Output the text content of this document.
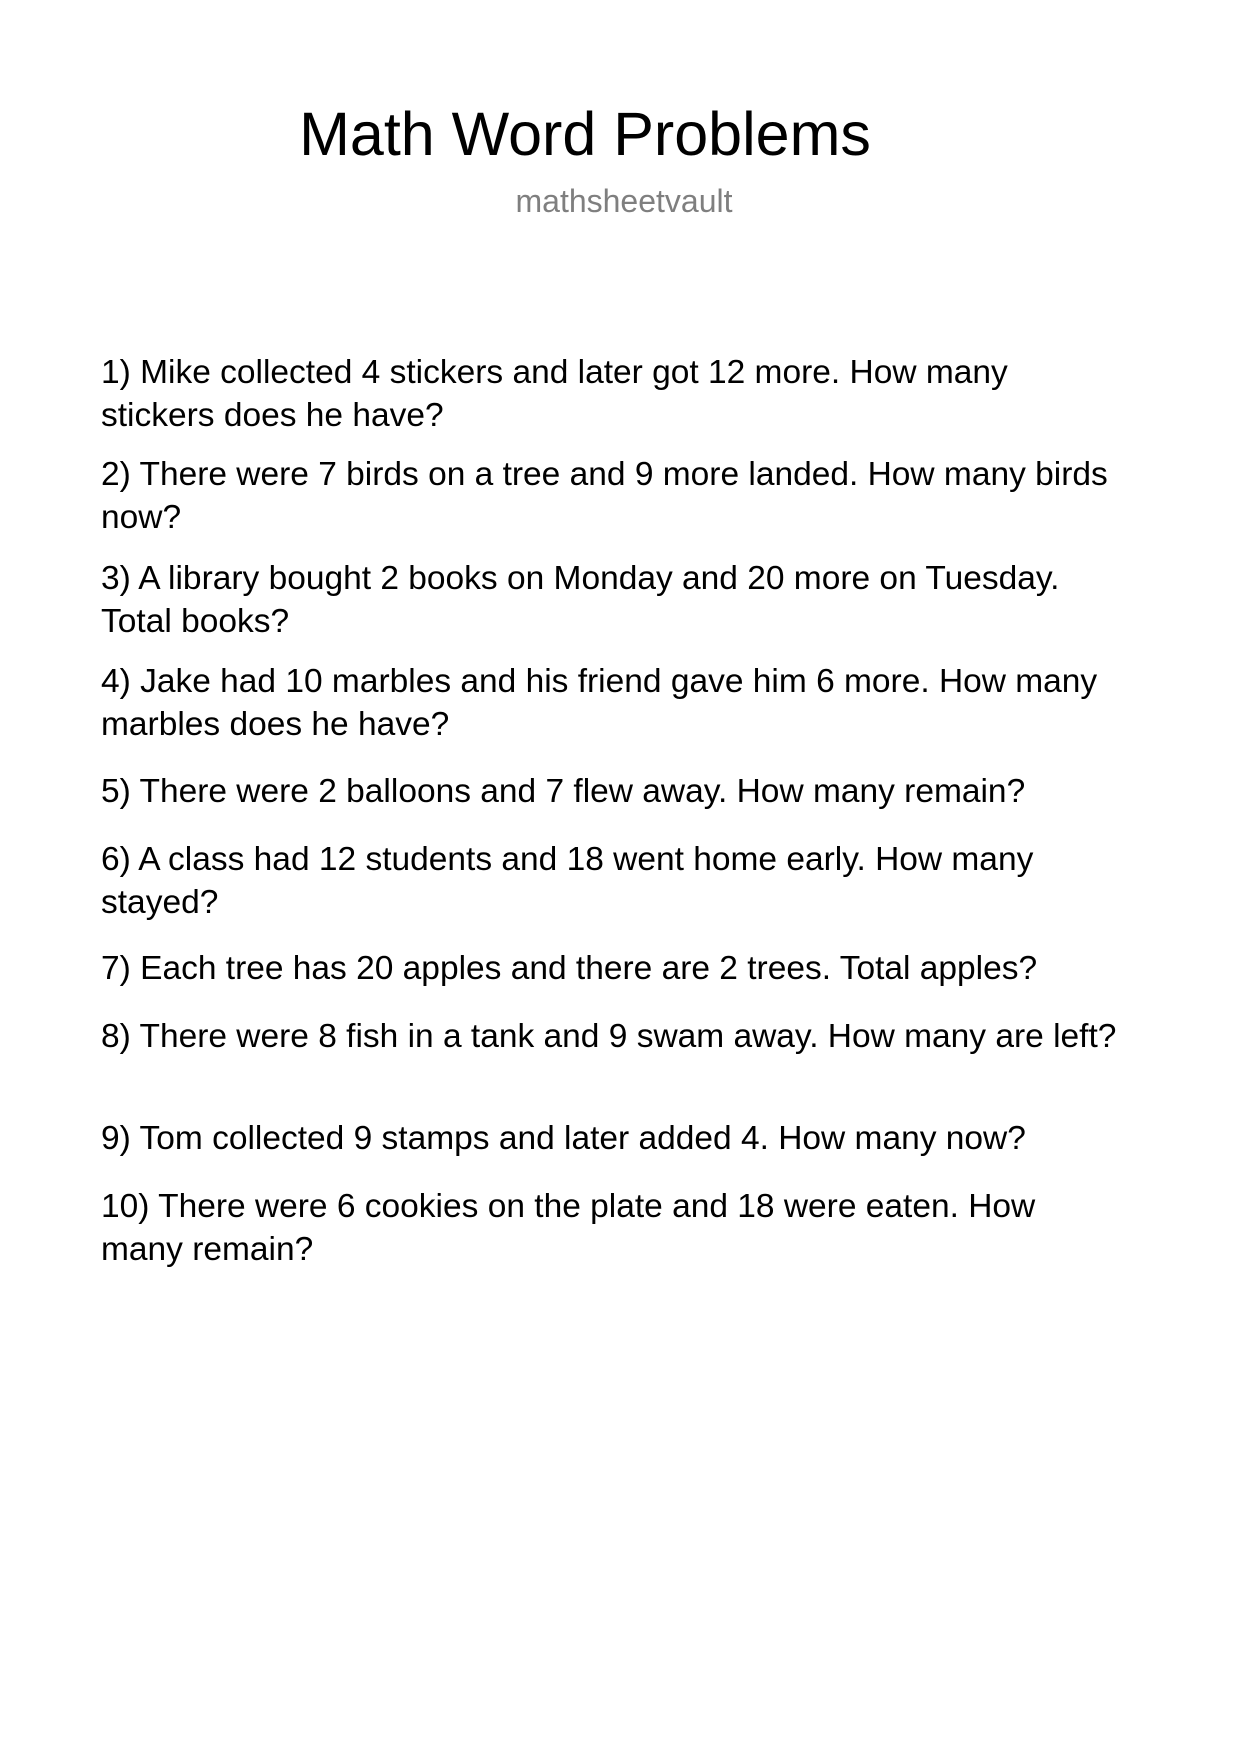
Math Word Problems
mathsheetvault
1) Mike collected 4 stickers and later got 12 more. How many stickers does he have?
2) There were 7 birds on a tree and 9 more landed. How many birds now?
3) A library bought 2 books on Monday and 20 more on Tuesday. Total books?
4) Jake had 10 marbles and his friend gave him 6 more. How many marbles does he have?
5) There were 2 balloons and 7 flew away. How many remain?
6) A class had 12 students and 18 went home early. How many stayed?
7) Each tree has 20 apples and there are 2 trees. Total apples?
8) There were 8 fish in a tank and 9 swam away. How many are left?
9) Tom collected 9 stamps and later added 4. How many now?
10) There were 6 cookies on the plate and 18 were eaten. How many remain?
